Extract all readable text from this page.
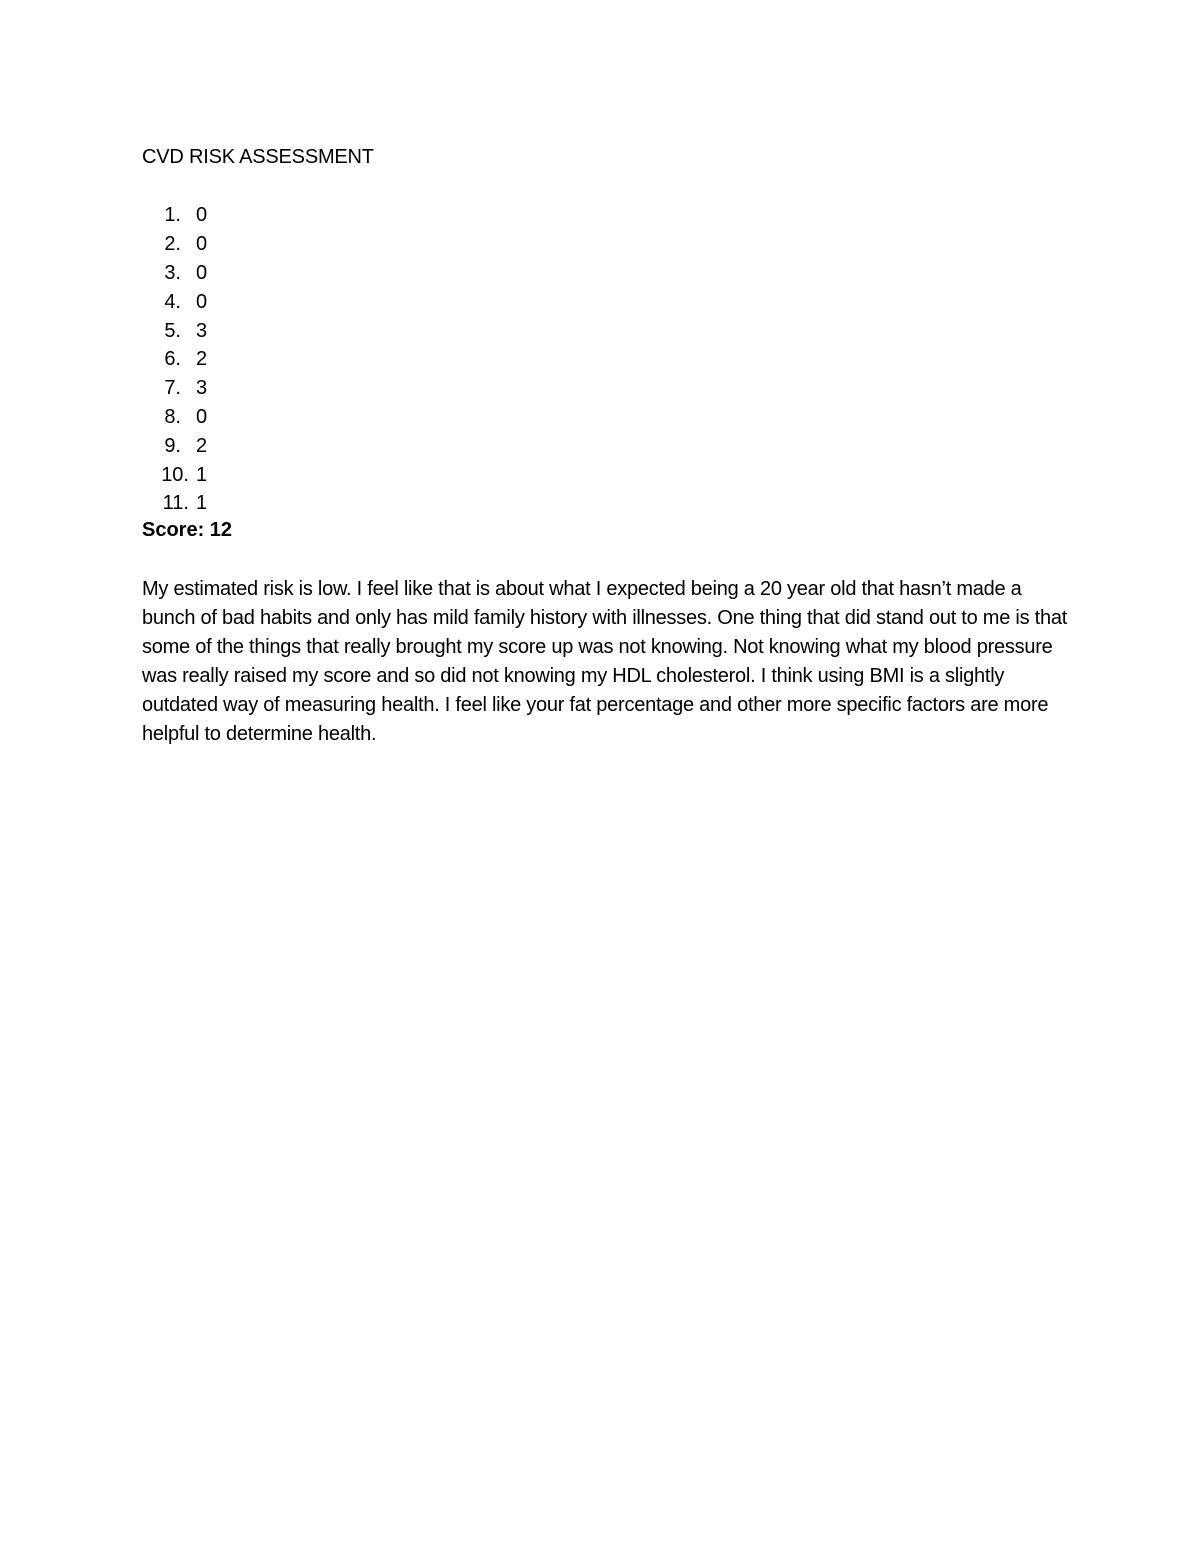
CVD RISK ASSESSMENT
1. 0
2. 0
3. 0
4. 0
5. 3
6. 2
7. 3
8. 0
9. 2
10. 1
11. 1
Score: 12

My estimated risk is low. I feel like that is about what I expected being a 20 year old that hasn’t made a bunch of bad habits and only has mild family history with illnesses. One thing that did stand out to me is that some of the things that really brought my score up was not knowing. Not knowing what my blood pressure was really raised my score and so did not knowing my HDL cholesterol. I think using BMI is a slightly outdated way of measuring health. I feel like your fat percentage and other more specific factors are more helpful to determine health.
